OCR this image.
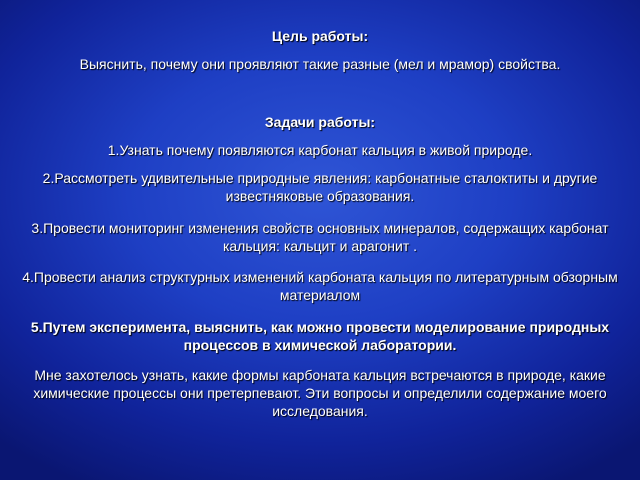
Цель работы:
Выяснить, почему они проявляют такие разные (мел и мрамор) свойства.
Задачи работы:
1.Узнать почему появляются карбонат кальция в живой природе.
2.Рассмотреть удивительные природные явления: карбонатные сталоктиты и другие известняковые образования.
3.Провести мониторинг изменения свойств основных минералов, содержащих карбонат кальция: кальцит и арагонит .
4.Провести анализ структурных изменений карбоната кальция по литературным обзорным материалом
5.Путем эксперимента, выяснить, как можно провести моделирование природных процессов в химической лаборатории.
Мне захотелось узнать, какие формы карбоната кальция встречаются в природе, какие химические процессы они претерпевают. Эти вопросы и определили содержание моего исследования.
